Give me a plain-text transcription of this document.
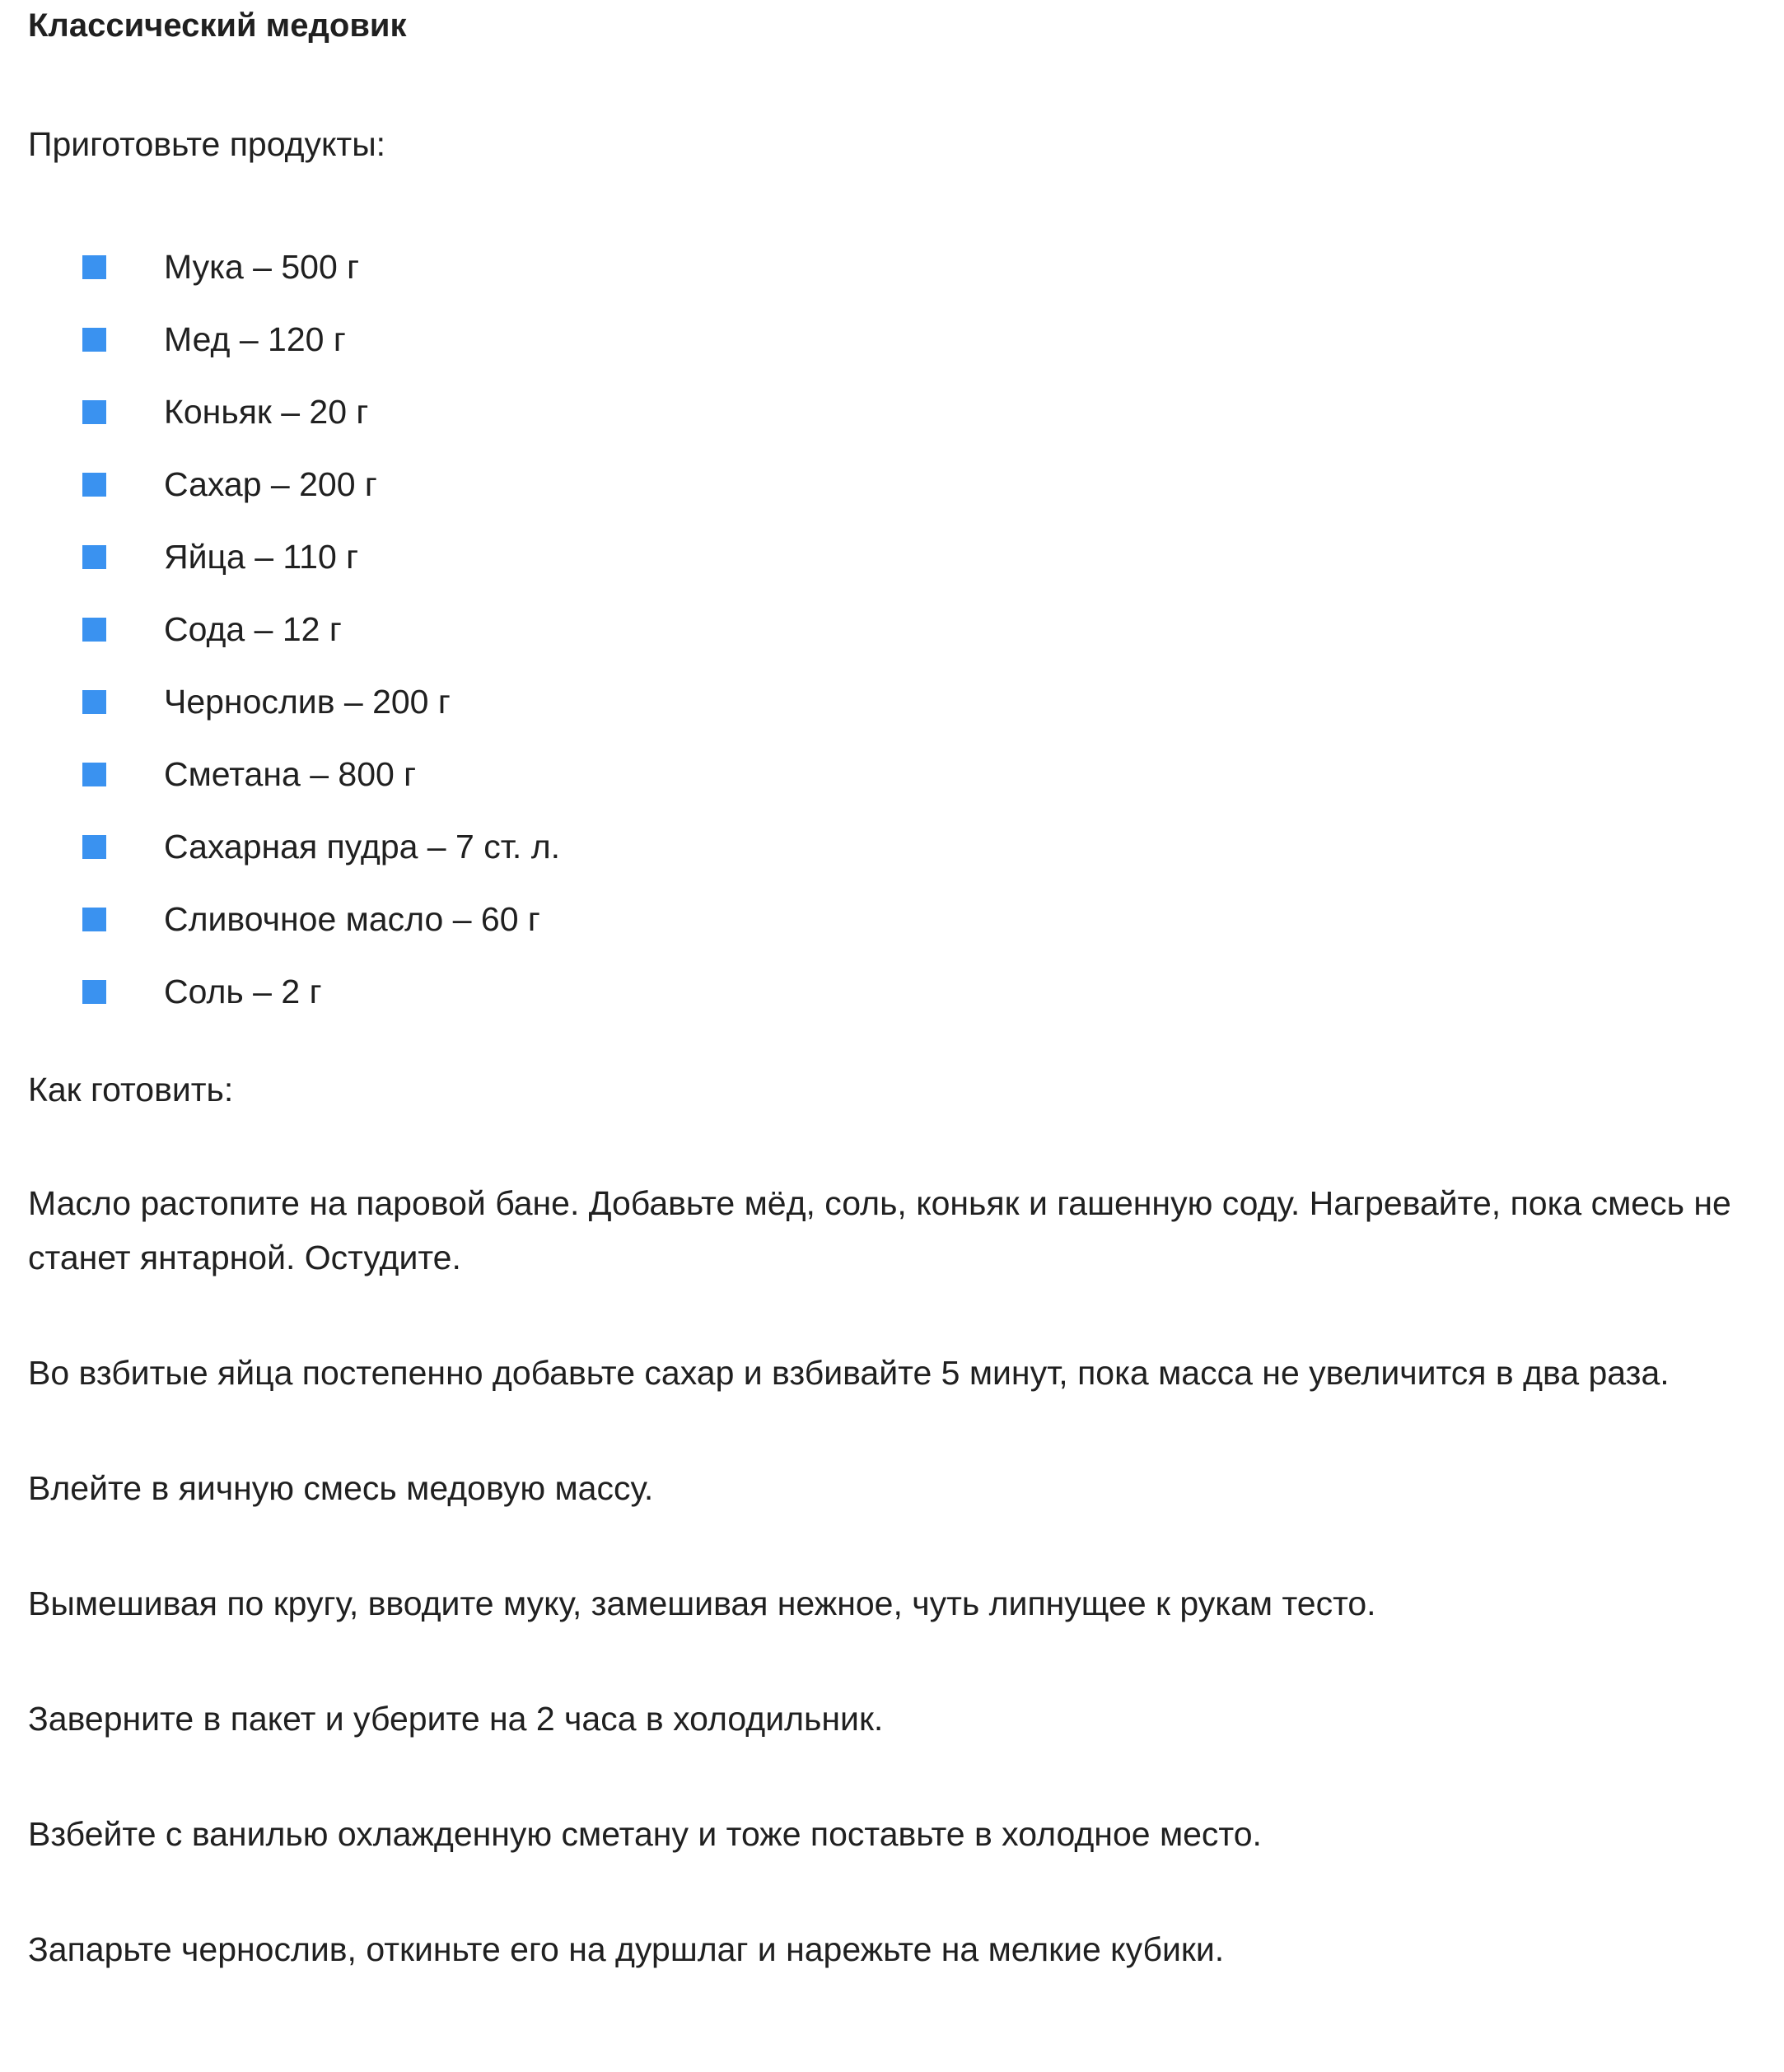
Классический медовик

Приготовьте продукты:

Мука – 500 г
Мед – 120 г
Коньяк – 20 г
Сахар – 200 г
Яйца – 110 г
Сода – 12 г
Чернослив – 200 г
Сметана – 800 г
Сахарная пудра – 7 ст. л.
Сливочное масло – 60 г
Соль – 2 г

Как готовить:

Масло растопите на паровой бане. Добавьте мёд, соль, коньяк и гашенную соду. Нагревайте, пока смесь не станет янтарной. Остудите.

Во взбитые яйца постепенно добавьте сахар и взбивайте 5 минут, пока масса не увеличится в два раза.

Влейте в яичную смесь медовую массу.

Вымешивая по кругу, вводите муку, замешивая нежное, чуть липнущее к рукам тесто.

Заверните в пакет и уберите на 2 часа в холодильник.

Взбейте с ванилью охлажденную сметану и тоже поставьте в холодное место.

Запарьте чернослив, откиньте его на дуршлаг и нарежьте на мелкие кубики.
